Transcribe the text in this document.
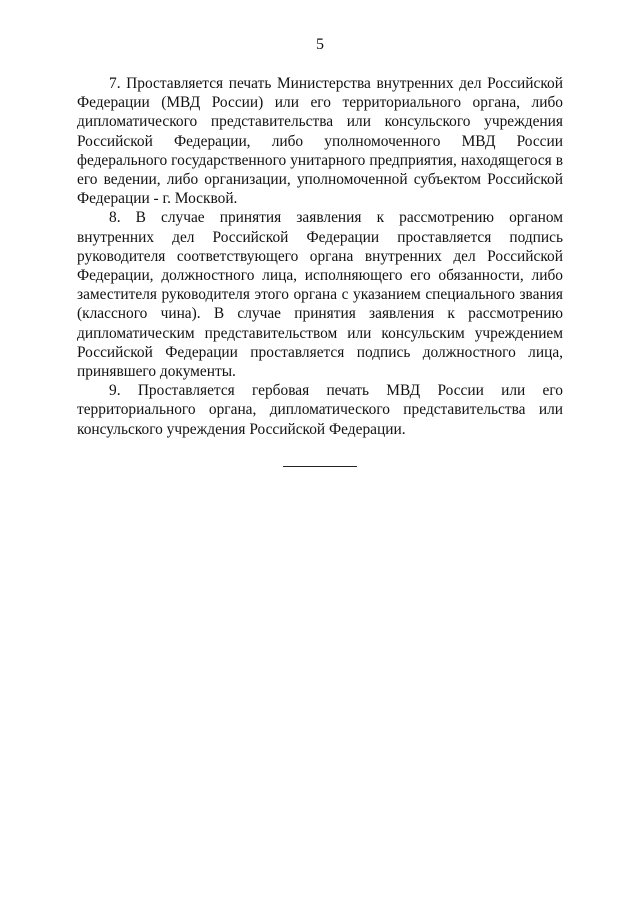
5

7. Проставляется печать Министерства внутренних дел Российской Федерации (МВД России) или его территориального органа, либо дипломатического представительства или консульского учреждения Российской Федерации, либо уполномоченного МВД России федерального государственного унитарного предприятия, находящегося в его ведении, либо организации, уполномоченной субъектом Российской Федерации - г. Москвой.

8. В случае принятия заявления к рассмотрению органом внутренних дел Российской Федерации проставляется подпись руководителя соответствующего органа внутренних дел Российской Федерации, должностного лица, исполняющего его обязанности, либо заместителя руководителя этого органа с указанием специального звания (классного чина). В случае принятия заявления к рассмотрению дипломатическим представительством или консульским учреждением Российской Федерации проставляется подпись должностного лица, принявшего документы.

9. Проставляется гербовая печать МВД России или его территориального органа, дипломатического представительства или консульского учреждения Российской Федерации.
